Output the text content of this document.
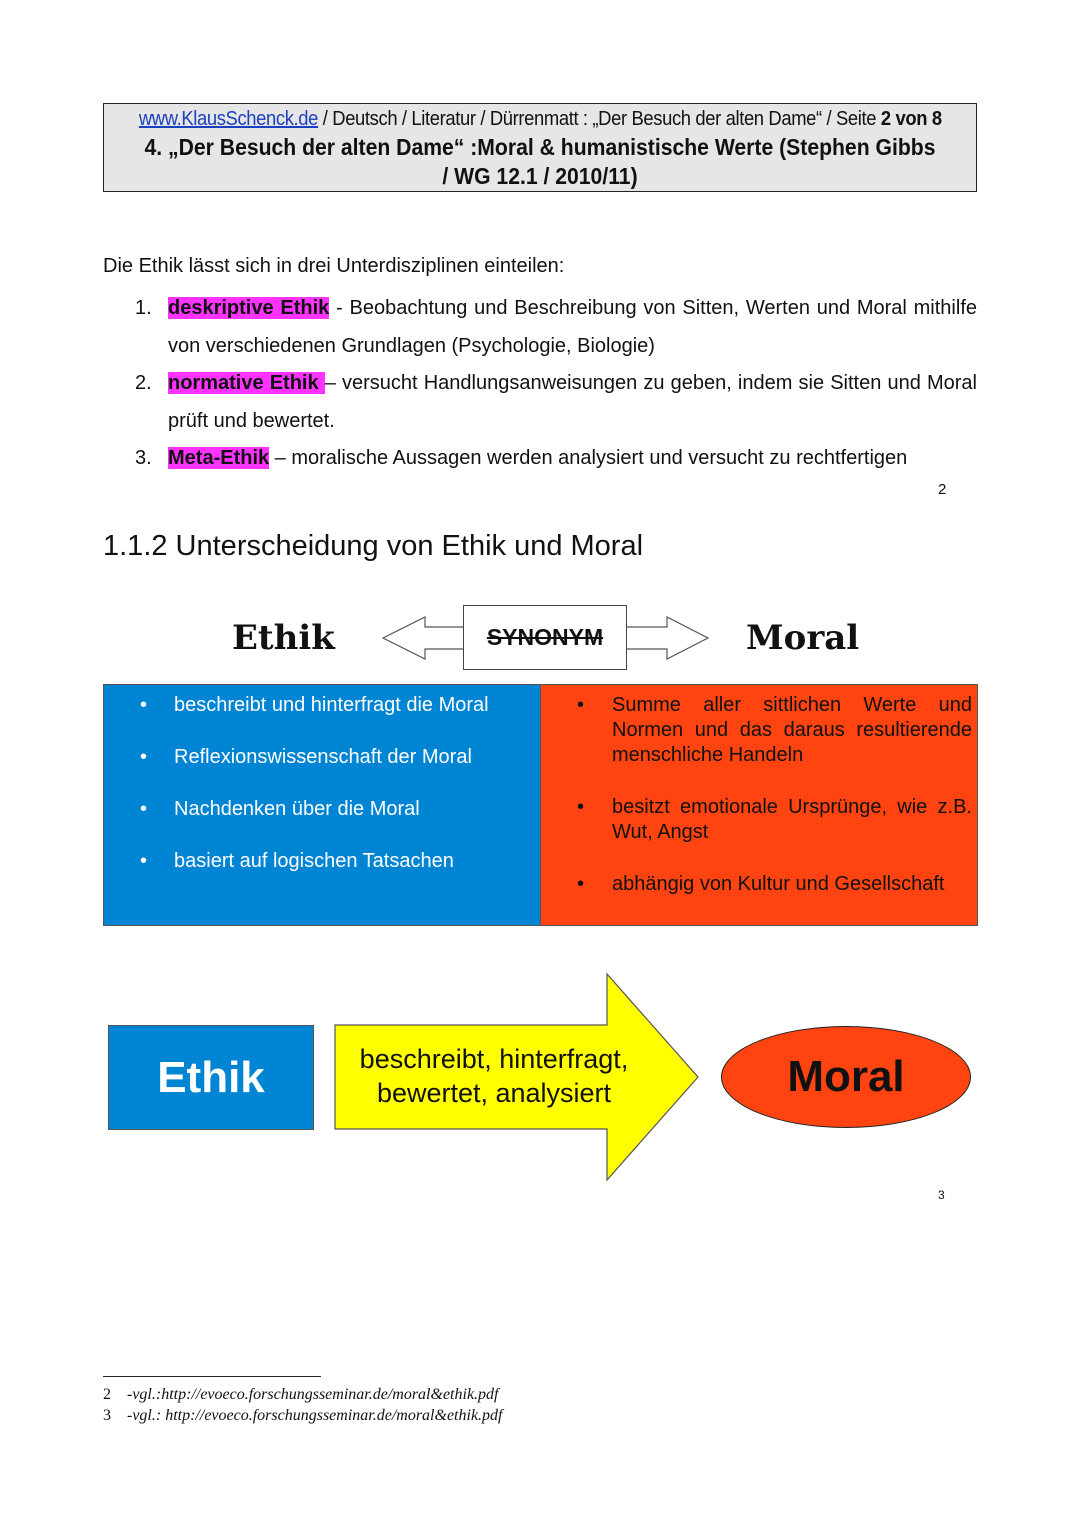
www.KlausSchenck.de / Deutsch / Literatur / Dürrenmatt : „Der Besuch der alten Dame“ / Seite 2 von 8
4. „Der Besuch der alten Dame“ :Moral & humanistische Werte (Stephen Gibbs / WG 12.1 / 2010/11)
Die Ethik lässt sich in drei Unterdisziplinen einteilen:
1. deskriptive Ethik - Beobachtung und Beschreibung von Sitten, Werten und Moral mithilfe von verschiedenen Grundlagen (Psychologie, Biologie)
2. normative Ethik – versucht Handlungsanweisungen zu geben, indem sie Sitten und Moral prüft und bewertet.
3. Meta-Ethik – moralische Aussagen werden analysiert und versucht zu rechtfertigen
2
1.1.2 Unterscheidung von Ethik und Moral
Ethik	SYNONYM	Moral
• beschreibt und hinterfragt die Moral
• Reflexionswissenschaft der Moral
• Nachdenken über die Moral
• basiert auf logischen Tatsachen
• Summe aller sittlichen Werte und Normen und das daraus resultierende menschliche Handeln
• besitzt emotionale Ursprünge, wie z.B. Wut, Angst
• abhängig von Kultur und Gesellschaft
Ethik	beschreibt, hinterfragt,
bewertet, analysiert	Moral
3
2 -vgl.:http://evoeco.forschungsseminar.de/moral&ethik.pdf
3 -vgl.: http://evoeco.forschungsseminar.de/moral&ethik.pdf
